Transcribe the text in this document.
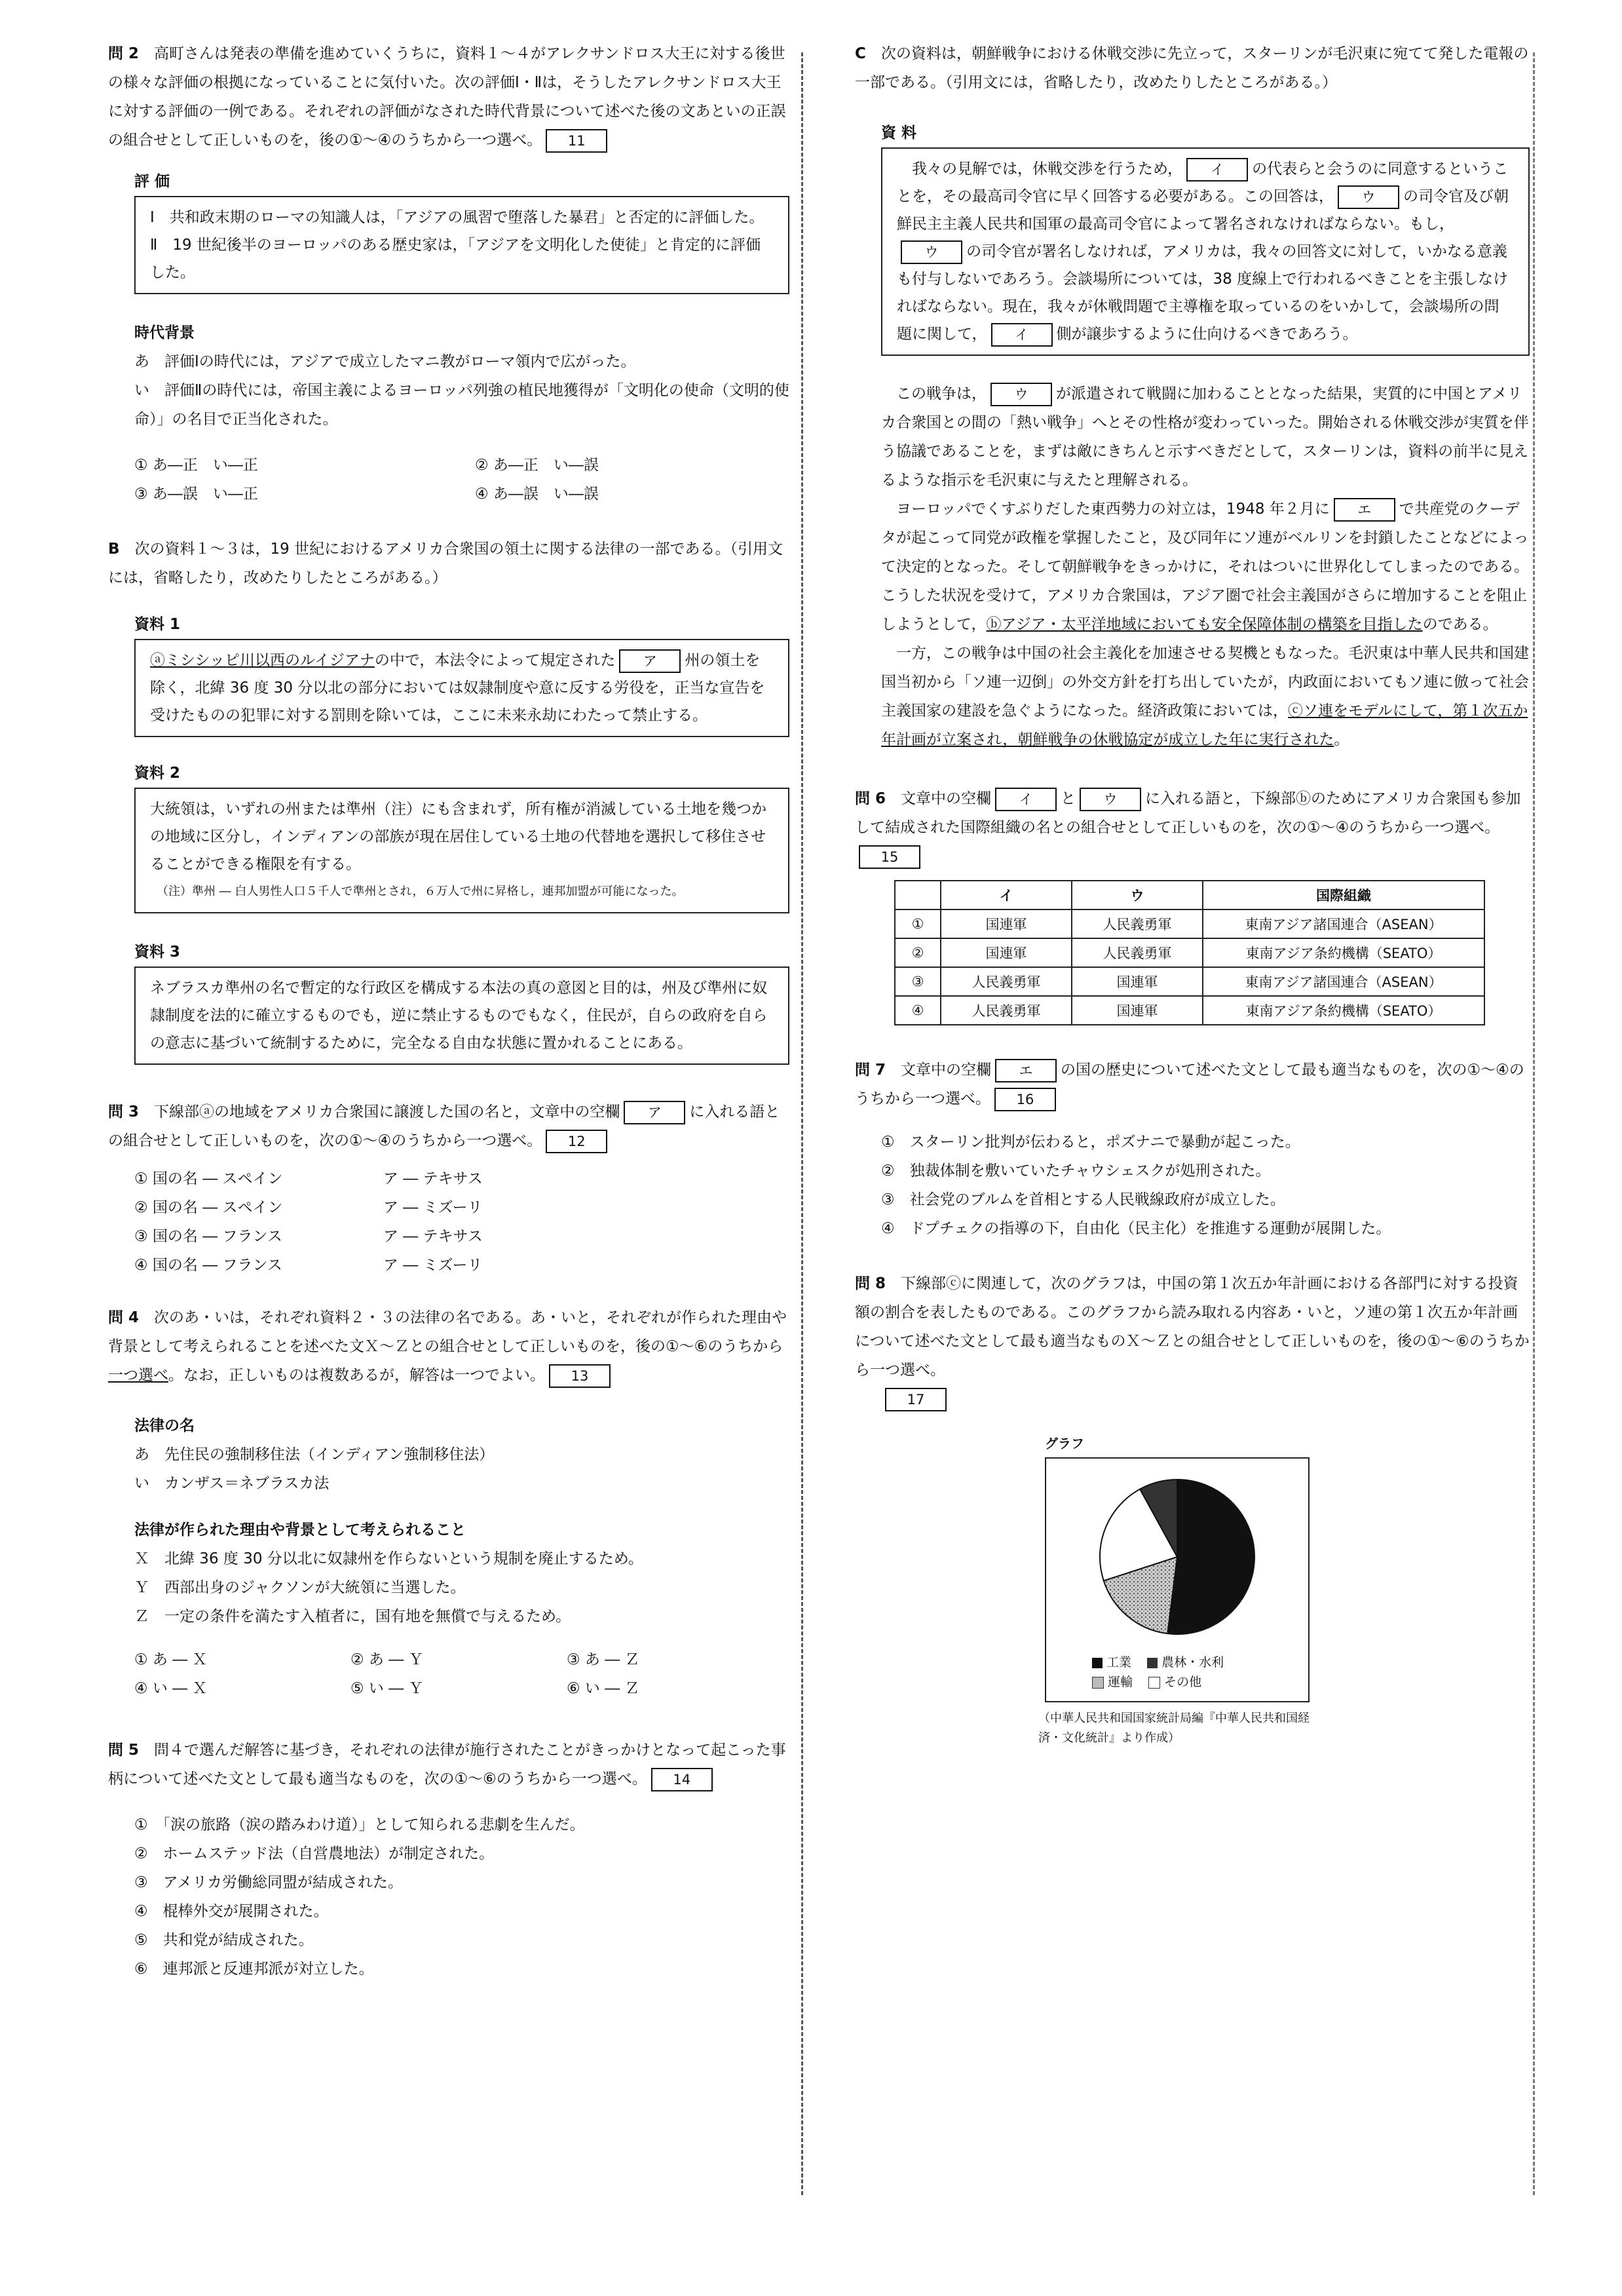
問 2　 高町さんは発表の準備を進めていくうちに，資料１～４がアレクサンドロス大王に対する後世の様々な評価の根拠になっていることに気付いた。次の評価Ⅰ・Ⅱは，そうしたアレクサンドロス大王に対する評価の一例である。それぞれの評価がなされた時代背景について述べた後の文あといの正誤の組合せとして正しいものを，後の①～④のうちから一つ選べ。 11

評 価

Ⅰ　共和政末期のローマの知識人は，「アジアの風習で堕落した暴君」と否定的に評価した。

Ⅱ　19 世紀後半のヨーロッパのある歴史家は，「アジアを文明化した使徒」と肯定的に評価した。

時代背景

あ　評価Ⅰの時代には，アジアで成立したマニ教がローマ領内で広がった。

い　評価Ⅱの時代には，帝国主義によるヨーロッパ列強の植民地獲得が「文明化の使命（文明的使命）」の名目で正当化された。

① あ―正　い―正	② あ―正　い―誤
③ あ―誤　い―正	④ あ―誤　い―誤

B　 次の資料１～３は，19 世紀におけるアメリカ合衆国の領土に関する法律の一部である。（引用文には，省略したり，改めたりしたところがある。）

資料 1

ⓐミシシッピ川以西のルイジアナの中で，本法令によって規定された ア 州の領土を除く，北緯 36 度 30 分以北の部分においては奴隷制度や意に反する労役を，正当な宣告を受けたものの犯罪に対する罰則を除いては，ここに未来永劫にわたって禁止する。

資料 2

大統領は，いずれの州または準州（注）にも含まれず，所有権が消滅している土地を幾つかの地域に区分し，インディアンの部族が現在居住している土地の代替地を選択して移住させることができる権限を有する。

（注）準州 ― 白人男性人口５千人で準州とされ，６万人で州に昇格し，連邦加盟が可能になった。

資料 3

ネブラスカ準州の名で暫定的な行政区を構成する本法の真の意図と目的は，州及び準州に奴隷制度を法的に確立するものでも，逆に禁止するものでもなく，住民が，自らの政府を自らの意志に基づいて統制するために，完全なる自由な状態に置かれることにある。

問 3　 下線部ⓐの地域をアメリカ合衆国に譲渡した国の名と，文章中の空欄 ア に入れる語との組合せとして正しいものを，次の①～④のうちから一つ選べ。 12

① 国の名 ― スペイン	ア ― テキサス
② 国の名 ― スペイン	ア ― ミズーリ
③ 国の名 ― フランス	ア ― テキサス
④ 国の名 ― フランス	ア ― ミズーリ

問 4　 次のあ・いは，それぞれ資料２・３の法律の名である。あ・いと，それぞれが作られた理由や背景として考えられることを述べた文Ｘ～Ｚとの組合せとして正しいものを，後の①～⑥のうちから一つ選べ。なお，正しいものは複数あるが，解答は一つでよい。 13

法律の名

あ　先住民の強制移住法（インディアン強制移住法）

い　カンザス＝ネブラスカ法

法律が作られた理由や背景として考えられること

Ｘ　北緯 36 度 30 分以北に奴隷州を作らないという規制を廃止するため。

Ｙ　西部出身のジャクソンが大統領に当選した。

Ｚ　一定の条件を満たす入植者に，国有地を無償で与えるため。

① あ ― Ｘ	② あ ― Ｙ	③ あ ― Ｚ
④ い ― Ｘ	⑤ い ― Ｙ	⑥ い ― Ｚ

問 5　 問４で選んだ解答に基づき，それぞれの法律が施行されたことがきっかけとなって起こった事柄について述べた文として最も適当なものを，次の①～⑥のうちから一つ選べ。 14

①　「涙の旅路（涙の踏みわけ道）」として知られる悲劇を生んだ。

②　ホームステッド法（自営農地法）が制定された。

③　アメリカ労働総同盟が結成された。

④　棍棒外交が展開された。

⑤　共和党が結成された。

⑥　連邦派と反連邦派が対立した。

C　 次の資料は，朝鮮戦争における休戦交渉に先立って，スターリンが毛沢東に宛てて発した電報の一部である。（引用文には，省略したり，改めたりしたところがある。）

資 料

　我々の見解では，休戦交渉を行うため， イ の代表らと会うのに同意するということを，その最高司令官に早く回答する必要がある。この回答は， ウ の司令官及び朝鮮民主主義人民共和国軍の最高司令官によって署名されなければならない。もし，ウ の司令官が署名しなければ，アメリカは，我々の回答文に対して，いかなる意義も付与しないであろう。会談場所については，38 度線上で行われるべきことを主張しなければならない。現在，我々が休戦問題で主導権を取っているのをいかして，会談場所の問題に関して， イ 側が譲歩するように仕向けるべきであろう。

　この戦争は， ウ が派遣されて戦闘に加わることとなった結果，実質的に中国とアメリカ合衆国との間の「熱い戦争」へとその性格が変わっていった。開始される休戦交渉が実質を伴う協議であることを，まずは敵にきちんと示すべきだとして，スターリンは，資料の前半に見えるような指示を毛沢東に与えたと理解される。

　ヨーロッパでくすぶりだした東西勢力の対立は，1948 年２月に エ で共産党のクーデタが起こって同党が政権を掌握したこと，及び同年にソ連がベルリンを封鎖したことなどによって決定的となった。そして朝鮮戦争をきっかけに，それはついに世界化してしまったのである。こうした状況を受けて，アメリカ合衆国は，アジア圏で社会主義国がさらに増加することを阻止しようとして，ⓑアジア・太平洋地域においても安全保障体制の構築を目指したのである。

　一方，この戦争は中国の社会主義化を加速させる契機ともなった。毛沢東は中華人民共和国建国当初から「ソ連一辺倒」の外交方針を打ち出していたが，内政面においてもソ連に倣って社会主義国家の建設を急ぐようになった。経済政策においては，ⓒソ連をモデルにして，第１次五か年計画が立案され，朝鮮戦争の休戦協定が成立した年に実行された。

問 6　 文章中の空欄 イ と ウ に入れる語と，下線部ⓑのためにアメリカ合衆国も参加して結成された国際組織の名との組合せとして正しいものを，次の①～④のうちから一つ選べ。15

	イ	ウ	国際組織
①	国連軍	人民義勇軍	東南アジア諸国連合（ASEAN）
②	国連軍	人民義勇軍	東南アジア条約機構（SEATO）
③	人民義勇軍	国連軍	東南アジア諸国連合（ASEAN）
④	人民義勇軍	国連軍	東南アジア条約機構（SEATO）

問 7　 文章中の空欄 エ の国の歴史について述べた文として最も適当なものを，次の①～④のうちから一つ選べ。 16

①　スターリン批判が伝わると，ポズナニで暴動が起こった。

②　独裁体制を敷いていたチャウシェスクが処刑された。

③　社会党のブルムを首相とする人民戦線政府が成立した。

④　ドプチェクの指導の下，自由化（民主化）を推進する運動が展開した。

問 8　 下線部ⓒに関連して，次のグラフは，中国の第１次五か年計画における各部門に対する投資額の割合を表したものである。このグラフから読み取れる内容あ・いと，ソ連の第１次五か年計画について述べた文として最も適当なものＸ～Ｚとの組合せとして正しいものを，後の①～⑥のうちから一つ選べ。

17

グラフ
工業 農林・水利
運輸	その他
（中華人民共和国国家統計局編『中華人民共和国経済・文化統計』より作成）
